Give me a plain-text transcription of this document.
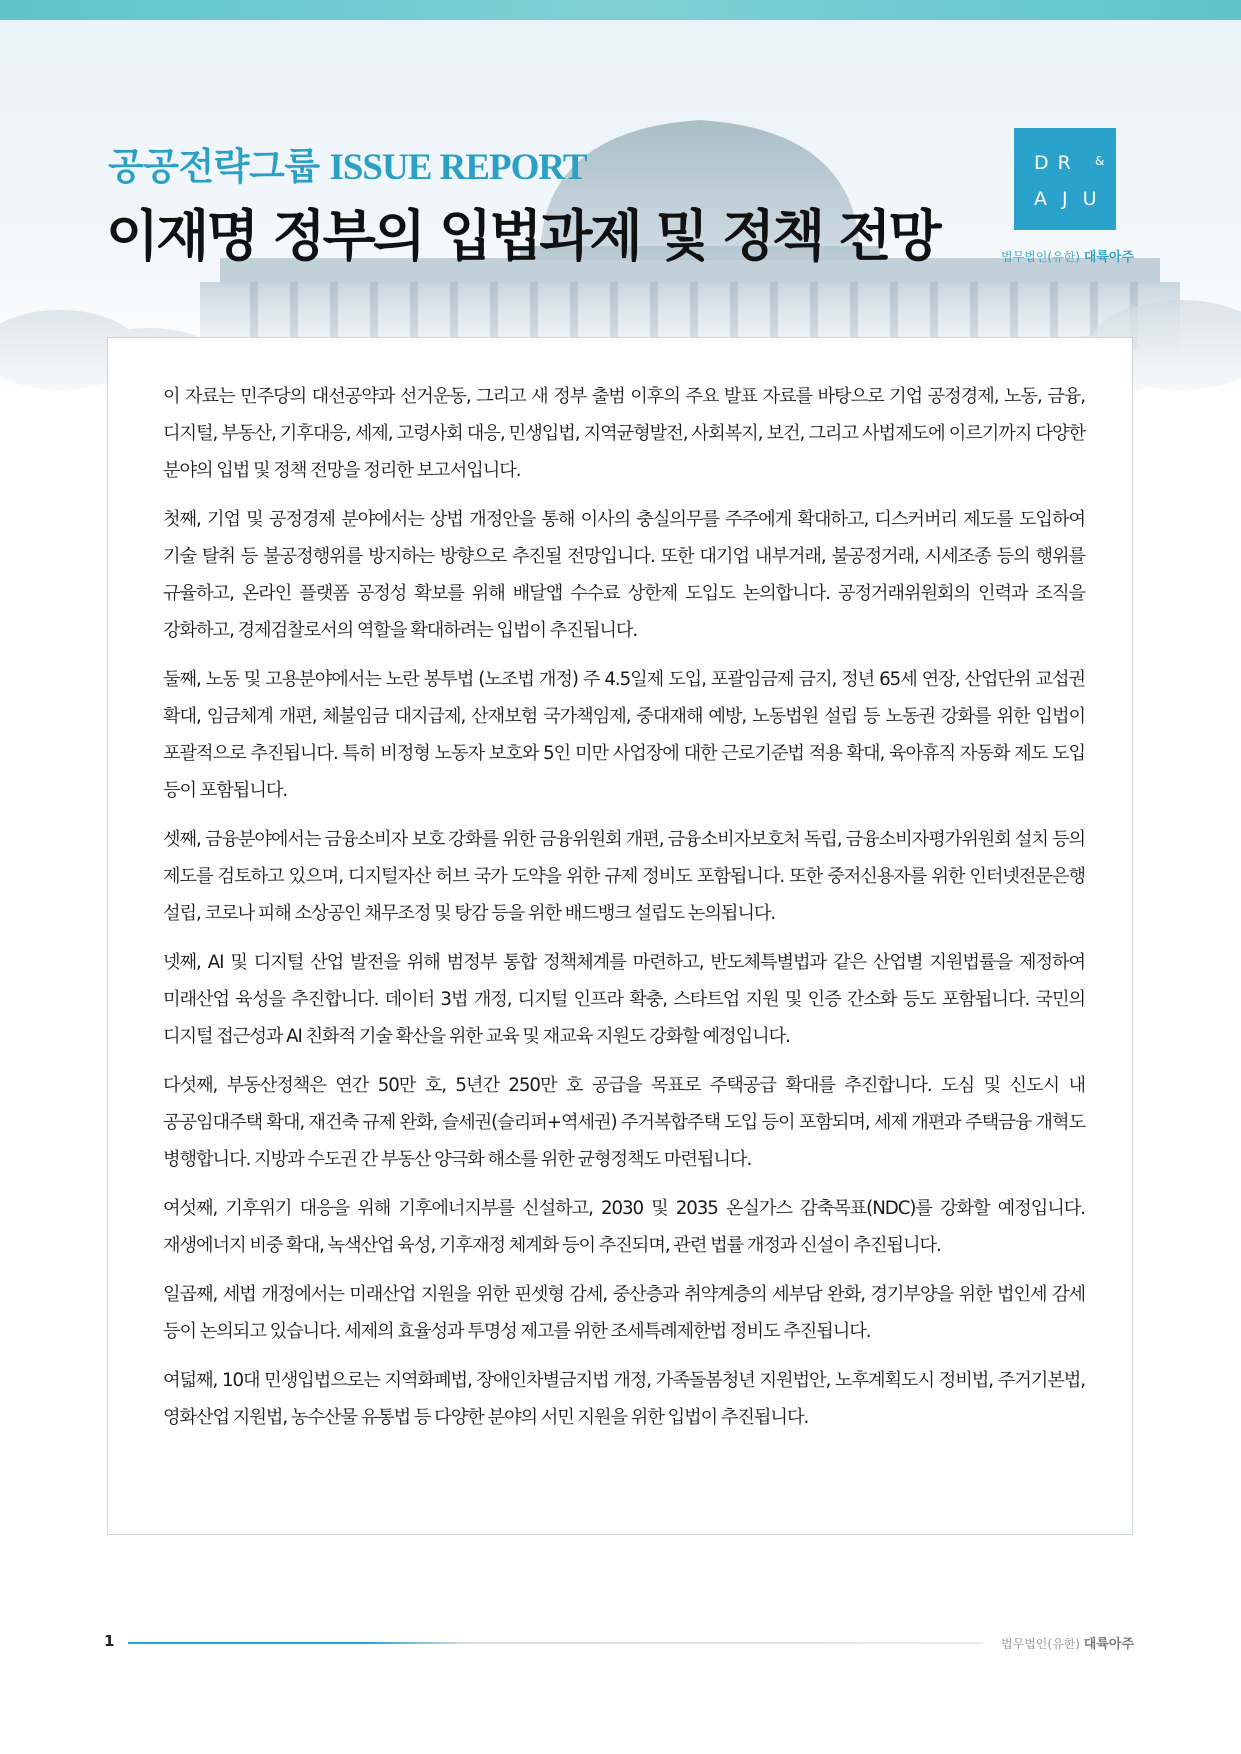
공공전략그룹 ISSUE REPORT
이재명 정부의 입법과제 및 정책 전망
DR &
AJU
법무법인(유한) 대륙아주

이 자료는 민주당의 대선공약과 선거운동, 그리고 새 정부 출범 이후의 주요 발표 자료를 바탕으로 기업 공정경제, 노동, 금융, 디지털, 부동산, 기후대응, 세제, 고령사회 대응, 민생입법, 지역균형발전, 사회복지, 보건, 그리고 사법제도에 이르기까지 다양한 분야의 입법 및 정책 전망을 정리한 보고서입니다.

첫째, 기업 및 공정경제 분야에서는 상법 개정안을 통해 이사의 충실의무를 주주에게 확대하고, 디스커버리 제도를 도입하여 기술 탈취 등 불공정행위를 방지하는 방향으로 추진될 전망입니다. 또한 대기업 내부거래, 불공정거래, 시세조종 등의 행위를 규율하고, 온라인 플랫폼 공정성 확보를 위해 배달앱 수수료 상한제 도입도 논의합니다. 공정거래위원회의 인력과 조직을 강화하고, 경제검찰로서의 역할을 확대하려는 입법이 추진됩니다.

둘째, 노동 및 고용분야에서는 노란 봉투법 (노조법 개정) 주 4.5일제 도입, 포괄임금제 금지, 정년 65세 연장, 산업단위 교섭권 확대, 임금체계 개편, 체불임금 대지급제, 산재보험 국가책임제, 중대재해 예방, 노동법원 설립 등 노동권 강화를 위한 입법이 포괄적으로 추진됩니다. 특히 비정형 노동자 보호와 5인 미만 사업장에 대한 근로기준법 적용 확대, 육아휴직 자동화 제도 도입 등이 포함됩니다.

셋째, 금융분야에서는 금융소비자 보호 강화를 위한 금융위원회 개편, 금융소비자보호처 독립, 금융소비자평가위원회 설치 등의 제도를 검토하고 있으며, 디지털자산 허브 국가 도약을 위한 규제 정비도 포함됩니다. 또한 중저신용자를 위한 인터넷전문은행 설립, 코로나 피해 소상공인 채무조정 및 탕감 등을 위한 배드뱅크 설립도 논의됩니다.

넷째, AI 및 디지털 산업 발전을 위해 범정부 통합 정책체계를 마련하고, 반도체특별법과 같은 산업별 지원법률을 제정하여 미래산업 육성을 추진합니다. 데이터 3법 개정, 디지털 인프라 확충, 스타트업 지원 및 인증 간소화 등도 포함됩니다. 국민의 디지털 접근성과 AI 친화적 기술 확산을 위한 교육 및 재교육 지원도 강화할 예정입니다.

다섯째, 부동산정책은 연간 50만 호, 5년간 250만 호 공급을 목표로 주택공급 확대를 추진합니다. 도심 및 신도시 내 공공임대주택 확대, 재건축 규제 완화, 슬세권(슬리퍼+역세권) 주거복합주택 도입 등이 포함되며, 세제 개편과 주택금융 개혁도 병행합니다. 지방과 수도권 간 부동산 양극화 해소를 위한 균형정책도 마련됩니다.

여섯째, 기후위기 대응을 위해 기후에너지부를 신설하고, 2030 및 2035 온실가스 감축목표(NDC)를 강화할 예정입니다. 재생에너지 비중 확대, 녹색산업 육성, 기후재정 체계화 등이 추진되며, 관련 법률 개정과 신설이 추진됩니다.

일곱째, 세법 개정에서는 미래산업 지원을 위한 핀셋형 감세, 중산층과 취약계층의 세부담 완화, 경기부양을 위한 법인세 감세 등이 논의되고 있습니다. 세제의 효율성과 투명성 제고를 위한 조세특례제한법 정비도 추진됩니다.

여덟째, 10대 민생입법으로는 지역화폐법, 장애인차별금지법 개정, 가족돌봄청년 지원법안, 노후계획도시 정비법, 주거기본법, 영화산업 지원법, 농수산물 유통법 등 다양한 분야의 서민 지원을 위한 입법이 추진됩니다.

1	법무법인(유한) 대륙아주
